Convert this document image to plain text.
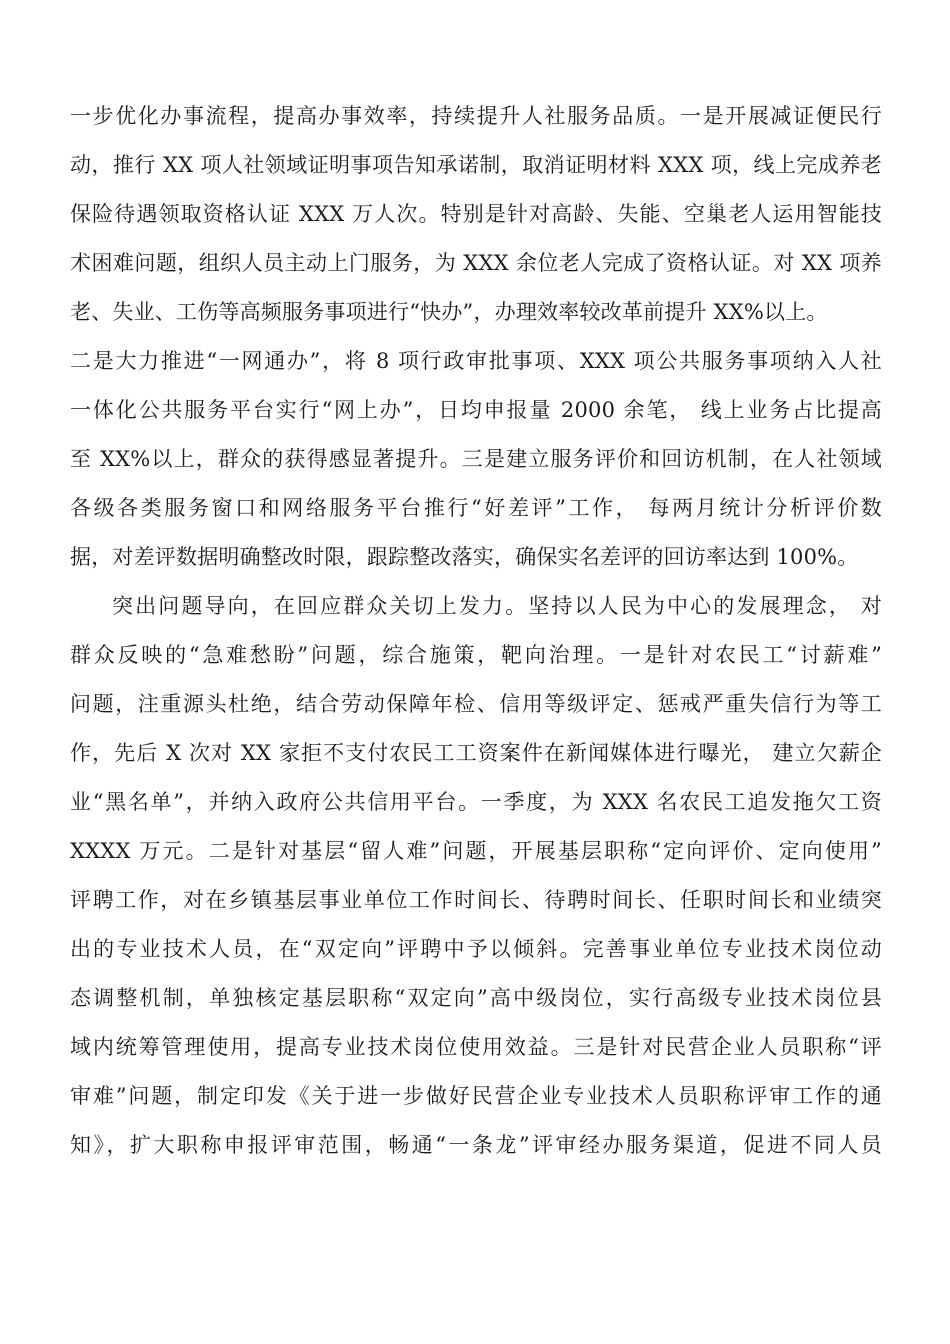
一步优化办事流程，提高办事效率，持续提升人社服务品质。一是开展减证便民行
动，推行 XX 项人社领域证明事项告知承诺制，取消证明材料 XXX 项，线上完成养老
保险待遇领取资格认证 XXX 万人次。特别是针对高龄、失能、空巢老人运用智能技
术困难问题，组织人员主动上门服务，为 XXX 余位老人完成了资格认证。对 XX 项养
老、失业、工伤等高频服务事项进行“快办”，办理效率较改革前提升 XX%以上。
二是大力推进“一网通办”，将 8 项行政审批事项、XXX 项公共服务事项纳入人社
一体化公共服务平台实行“网上办”，日均申报量 2000 余笔， 线上业务占比提高
至 XX%以上，群众的获得感显著提升。三是建立服务评价和回访机制，在人社领域
各级各类服务窗口和网络服务平台推行“好差评”工作， 每两月统计分析评价数
据，对差评数据明确整改时限，跟踪整改落实，确保实名差评的回访率达到 100%。
突出问题导向，在回应群众关切上发力。坚持以人民为中心的发展理念， 对
群众反映的“急难愁盼”问题，综合施策，靶向治理。一是针对农民工“讨薪难”
问题，注重源头杜绝，结合劳动保障年检、信用等级评定、惩戒严重失信行为等工
作，先后 X 次对 XX 家拒不支付农民工工资案件在新闻媒体进行曝光， 建立欠薪企
业“黑名单”，并纳入政府公共信用平台。一季度，为 XXX 名农民工追发拖欠工资
XXXX 万元。二是针对基层“留人难”问题，开展基层职称“定向评价、定向使用”
评聘工作，对在乡镇基层事业单位工作时间长、待聘时间长、任职时间长和业绩突
出的专业技术人员，在“双定向”评聘中予以倾斜。完善事业单位专业技术岗位动
态调整机制，单独核定基层职称“双定向”高中级岗位，实行高级专业技术岗位县
域内统筹管理使用，提高专业技术岗位使用效益。三是针对民营企业人员职称“评
审难”问题，制定印发《关于进一步做好民营企业专业技术人员职称评审工作的通
知》，扩大职称申报评审范围，畅通“一条龙”评审经办服务渠道，促进不同人员
